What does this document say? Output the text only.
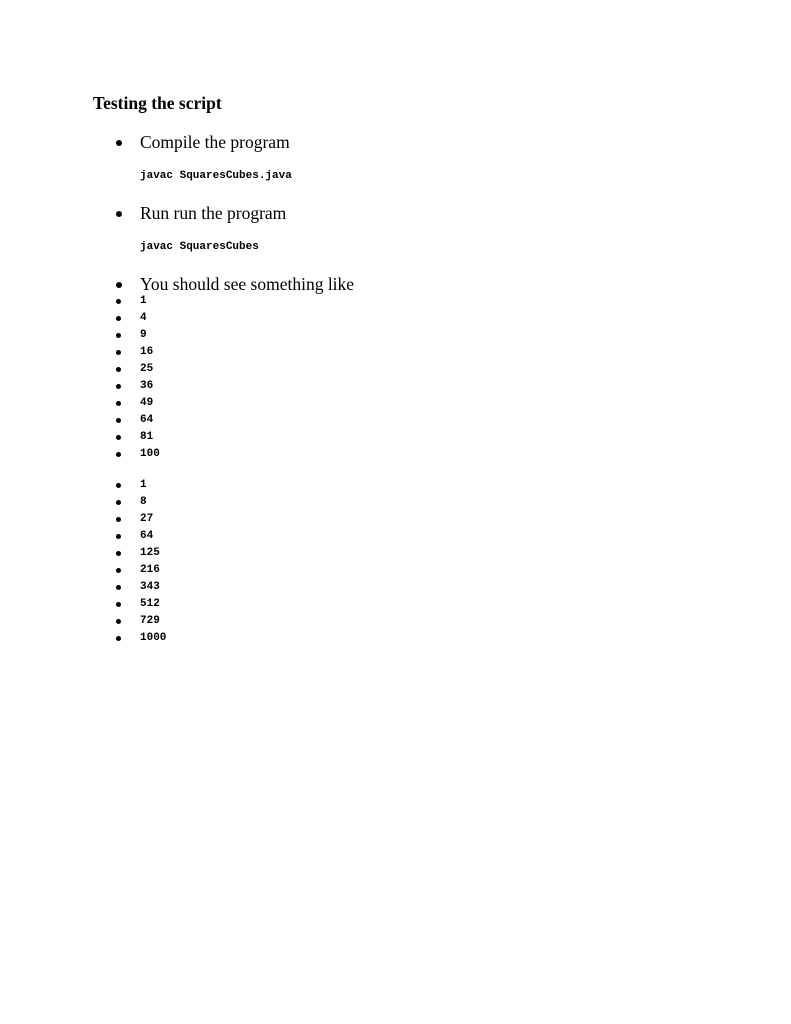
Testing the script
Compile the program
javac SquaresCubes.java
Run run the program
javac SquaresCubes
You should see something like
1
4
9
16
25
36
49
64
81
100
1
8
27
64
125
216
343
512
729
1000
